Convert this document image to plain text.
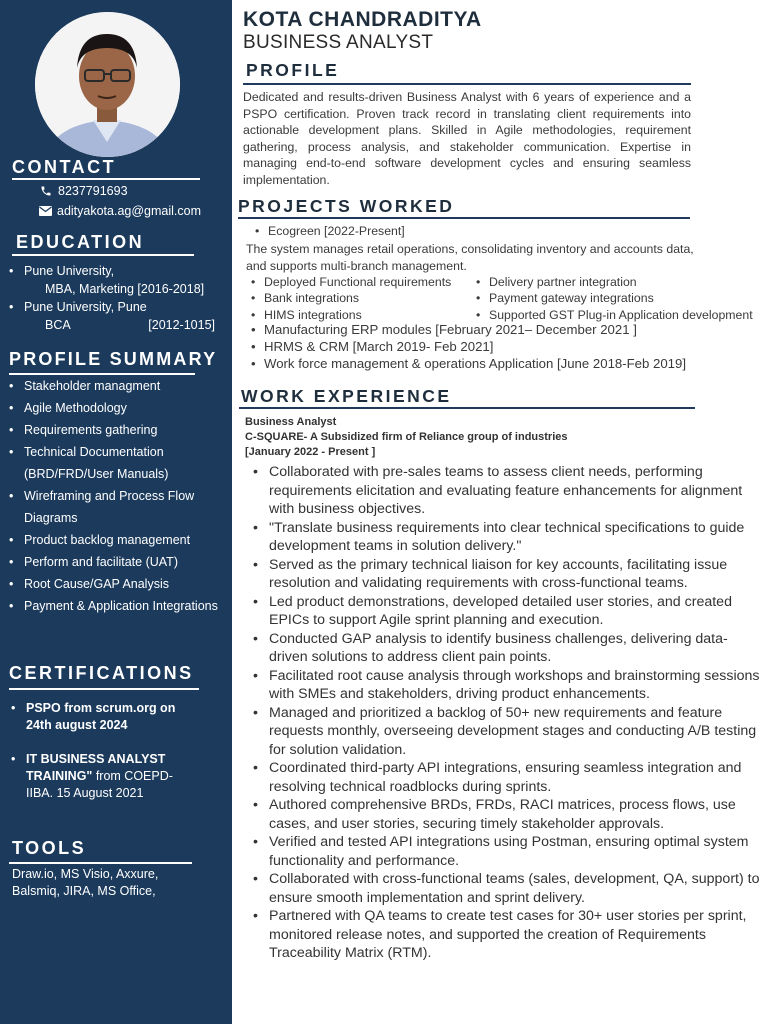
CONTACT
8237791693
adityakota.ag@gmail.com
EDUCATION
• Pune University,
MBA, Marketing [2016-2018]
• Pune University, Pune
BCA	[2012-1015]
PROFILE SUMMARY
• Stakeholder managment
• Agile Methodology
• Requirements gathering
• Technical Documentation (BRD/FRD/User Manuals)
• Wireframing and Process Flow Diagrams
• Product backlog management
• Perform and facilitate (UAT)
• Root Cause/GAP Analysis
• Payment & Application Integrations
CERTIFICATIONS
• PSPO from scrum.org on 24th august 2024
• IT BUSINESS ANALYST TRAINING" from COEPD-IIBA. 15 August 2021
TOOLS
Draw.io, MS Visio, Axxure, Balsmiq, JIRA, MS Office,
KOTA CHANDRADITYA
BUSINESS ANALYST
PROFILE
Dedicated and results-driven Business Analyst with 6 years of experience and a PSPO certification. Proven track record in translating client requirements into actionable development plans. Skilled in Agile methodologies, requirement gathering, process analysis, and stakeholder communication. Expertise in managing end-to-end software development cycles and ensuring seamless implementation.
PROJECTS WORKED
• Ecogreen [2022-Present]
The system manages retail operations, consolidating inventory and accounts data, and supports multi-branch management.
• Deployed Functional requirements
• Bank integrations
• HIMS integrations
• Delivery partner integration
• Payment gateway integrations
• Supported GST Plug-in Application development
• Manufacturing ERP modules [February 2021– December 2021 ]
• HRMS & CRM [March 2019- Feb 2021]
• Work force management & operations Application [June 2018-Feb 2019]
WORK EXPERIENCE
Business Analyst
C-SQUARE- A Subsidized firm of Reliance group of industries
[January 2022 - Present ]
• Collaborated with pre-sales teams to assess client needs, performing requirements elicitation and evaluating feature enhancements for alignment with business objectives.
• "Translate business requirements into clear technical specifications to guide development teams in solution delivery."
• Served as the primary technical liaison for key accounts, facilitating issue resolution and validating requirements with cross-functional teams.
• Led product demonstrations, developed detailed user stories, and created EPICs to support Agile sprint planning and execution.
• Conducted GAP analysis to identify business challenges, delivering data-driven solutions to address client pain points.
• Facilitated root cause analysis through workshops and brainstorming sessions with SMEs and stakeholders, driving product enhancements.
• Managed and prioritized a backlog of 50+ new requirements and feature requests monthly, overseeing development stages and conducting A/B testing for solution validation.
• Coordinated third-party API integrations, ensuring seamless integration and resolving technical roadblocks during sprints.
• Authored comprehensive BRDs, FRDs, RACI matrices, process flows, use cases, and user stories, securing timely stakeholder approvals.
• Verified and tested API integrations using Postman, ensuring optimal system functionality and performance.
• Collaborated with cross-functional teams (sales, development, QA, support) to ensure smooth implementation and sprint delivery.
• Partnered with QA teams to create test cases for 30+ user stories per sprint, monitored release notes, and supported the creation of Requirements Traceability Matrix (RTM).
